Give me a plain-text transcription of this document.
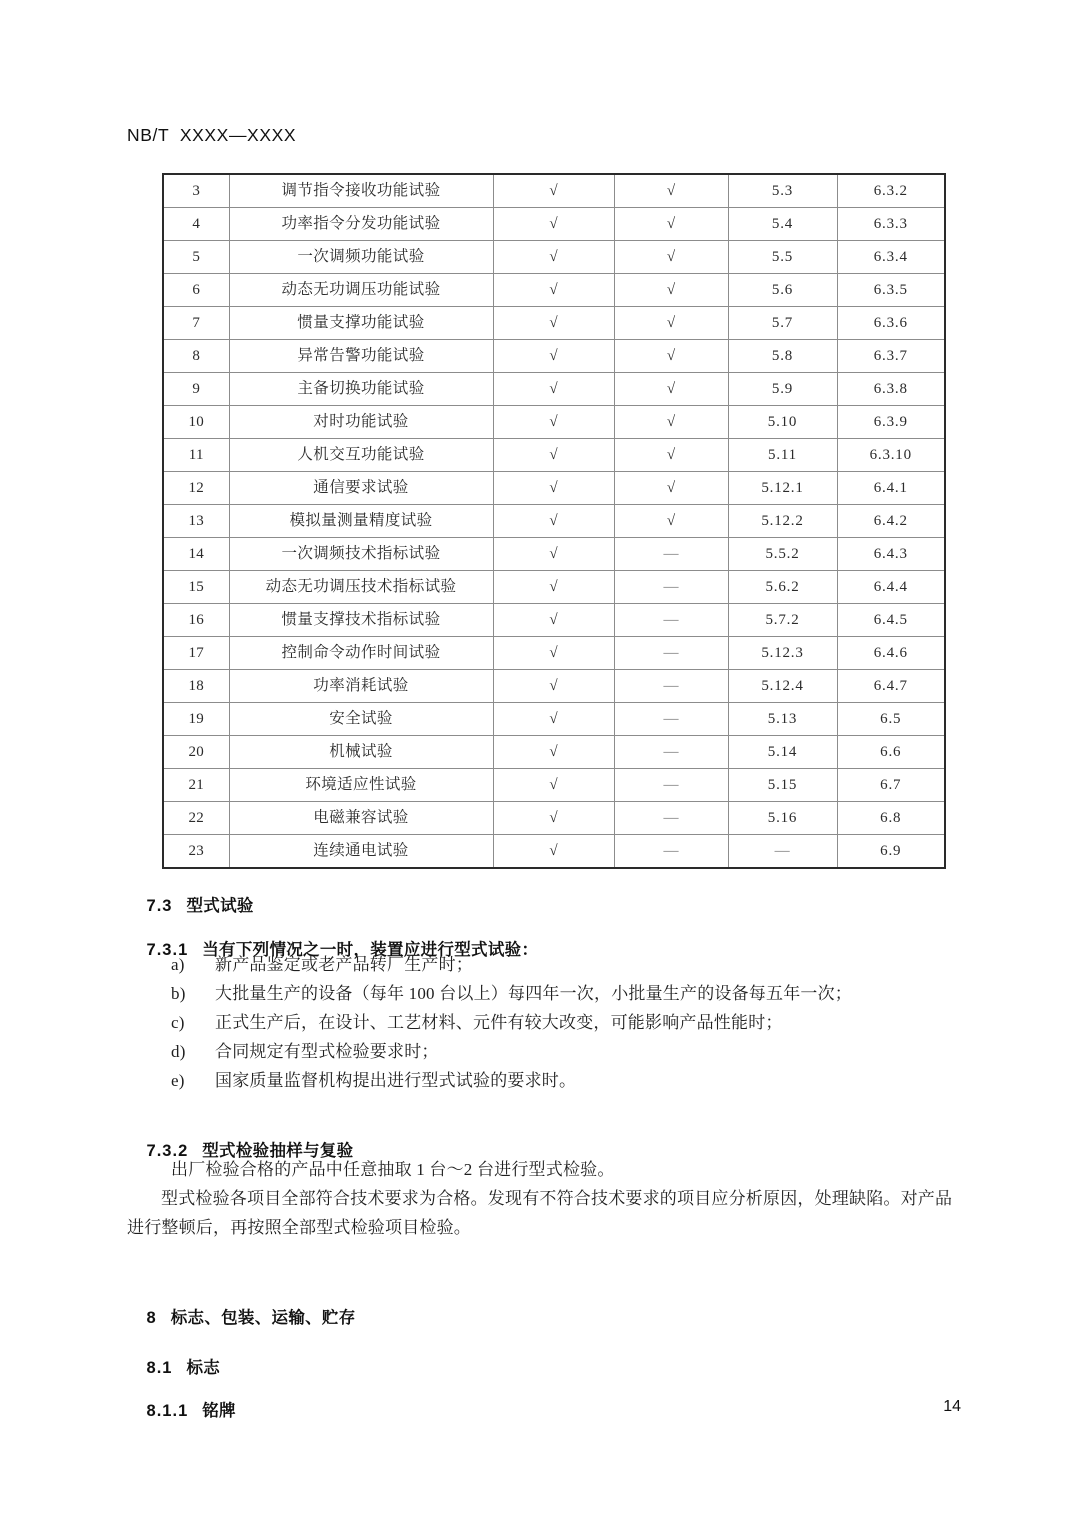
NB/T  XXXX—XXXX
3	调节指令接收功能试验	√	√	5.3	6.3.2
4	功率指令分发功能试验	√	√	5.4	6.3.3
5	一次调频功能试验	√	√	5.5	6.3.4
6	动态无功调压功能试验	√	√	5.6	6.3.5
7	惯量支撑功能试验	√	√	5.7	6.3.6
8	异常告警功能试验	√	√	5.8	6.3.7
9	主备切换功能试验	√	√	5.9	6.3.8
10	对时功能试验	√	√	5.10	6.3.9
11	人机交互功能试验	√	√	5.11	6.3.10
12	通信要求试验	√	√	5.12.1	6.4.1
13	模拟量测量精度试验	√	√	5.12.2	6.4.2
14	一次调频技术指标试验	√	—	5.5.2	6.4.3
15	动态无功调压技术指标试验	√	—	5.6.2	6.4.4
16	惯量支撑技术指标试验	√	—	5.7.2	6.4.5
17	控制命令动作时间试验	√	—	5.12.3	6.4.6
18	功率消耗试验	√	—	5.12.4	6.4.7
19	安全试验	√	—	5.13	6.5
20	机械试验	√	—	5.14	6.6
21	环境适应性试验	√	—	5.15	6.7
22	电磁兼容试验	√	—	5.16	6.8
23	连续通电试验	√	—	—	6.9

7.3 型式试验

7.3.1 当有下列情况之一时，装置应进行型式试验：

a)	新产品鉴定或老产品转厂生产时；
b)	大批量生产的设备（每年 100 台以上）每四年一次，小批量生产的设备每五年一次；
c)	正式生产后，在设计、工艺材料、元件有较大改变，可能影响产品性能时；
d)	合同规定有型式检验要求时；
e)	国家质量监督机构提出进行型式试验的要求时。

7.3.2 型式检验抽样与复验

出厂检验合格的产品中任意抽取 1 台～2 台进行型式检验。
型式检验各项目全部符合技术要求为合格。发现有不符合技术要求的项目应分析原因，处理缺陷。对产品进行整顿后，再按照全部型式检验项目检验。

8 标志、包装、运输、贮存

8.1 标志

8.1.1 铭牌
	14
